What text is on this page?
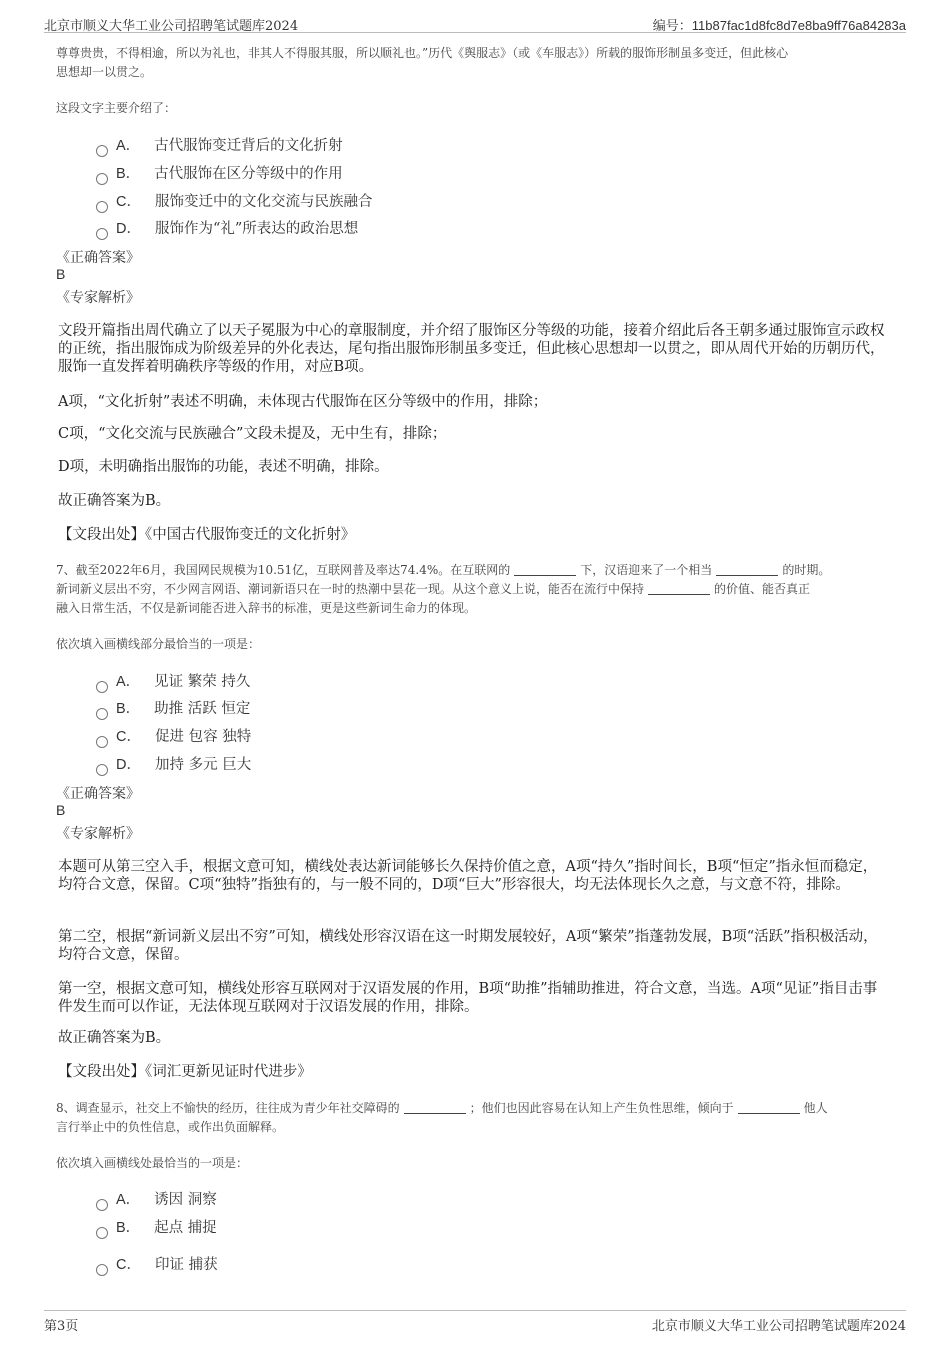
北京市顺义大华工业公司招聘笔试题库2024	编号：11b87fac1d8fc8d7e8ba9ff76a84283a
尊尊贵贵，不得相逾，所以为礼也，非其人不得服其服，所以顺礼也。”历代《舆服志》（或《车服志》）所载的服饰形制虽多变迁，但此核心
思想却一以贯之。
这段文字主要介绍了：
A． 古代服饰变迁背后的文化折射
B． 古代服饰在区分等级中的作用
C． 服饰变迁中的文化交流与民族融合
D． 服饰作为“礼”所表达的政治思想
《正确答案》
B
《专家解析》
文段开篇指出周代确立了以天子冕服为中心的章服制度，并介绍了服饰区分等级的功能，接着介绍此后各王朝多通过服饰宣示政权的正统，指出服饰成为阶级差异的外化表达，尾句指出服饰形制虽多变迁，但此核心思想却一以贯之，即从周代开始的历朝历代，服饰一直发挥着明确秩序等级的作用，对应B项。
A项，“文化折射”表述不明确，未体现古代服饰在区分等级中的作用，排除；
C项，“文化交流与民族融合”文段未提及，无中生有，排除；
D项，未明确指出服饰的功能，表述不明确，排除。
故正确答案为B。
【文段出处】《中国古代服饰变迁的文化折射》
7、截至2022年6月，我国网民规模为10.51亿，互联网普及率达74.4%。在互联网的	下，汉语迎来了一个相当	的时期。
新词新义层出不穷，不少网言网语、潮词新语只在一时的热潮中昙花一现。从这个意义上说，能否在流行中保持	的价值、能否真正
融入日常生活，不仅是新词能否进入辞书的标准，更是这些新词生命力的体现。
依次填入画横线部分最恰当的一项是：
A． 见证 繁荣 持久
B． 助推 活跃 恒定
C． 促进 包容 独特
D． 加持 多元 巨大
《正确答案》
B
《专家解析》
本题可从第三空入手，根据文意可知，横线处表达新词能够长久保持价值之意，A项“持久”指时间长，B项“恒定”指永恒而稳定，均符合文意，保留。C项“独特”指独有的，与一般不同的，D项“巨大”形容很大，均无法体现长久之意，与文意不符，排除。
第二空，根据“新词新义层出不穷”可知，横线处形容汉语在这一时期发展较好，A项“繁荣”指蓬勃发展，B项“活跃”指积极活动，均符合文意，保留。
第一空，根据文意可知，横线处形容互联网对于汉语发展的作用，B项“助推”指辅助推进，符合文意，当选。A项“见证”指目击事件发生而可以作证，无法体现互联网对于汉语发展的作用，排除。
故正确答案为B。
【文段出处】《词汇更新见证时代进步》
8、调查显示，社交上不愉快的经历，往往成为青少年社交障碍的	；他们也因此容易在认知上产生负性思维，倾向于	他人
言行举止中的负性信息，或作出负面解释。
依次填入画横线处最恰当的一项是：
A． 诱因 洞察
B． 起点 捕捉
C． 印证 捕获
第3页	北京市顺义大华工业公司招聘笔试题库2024
